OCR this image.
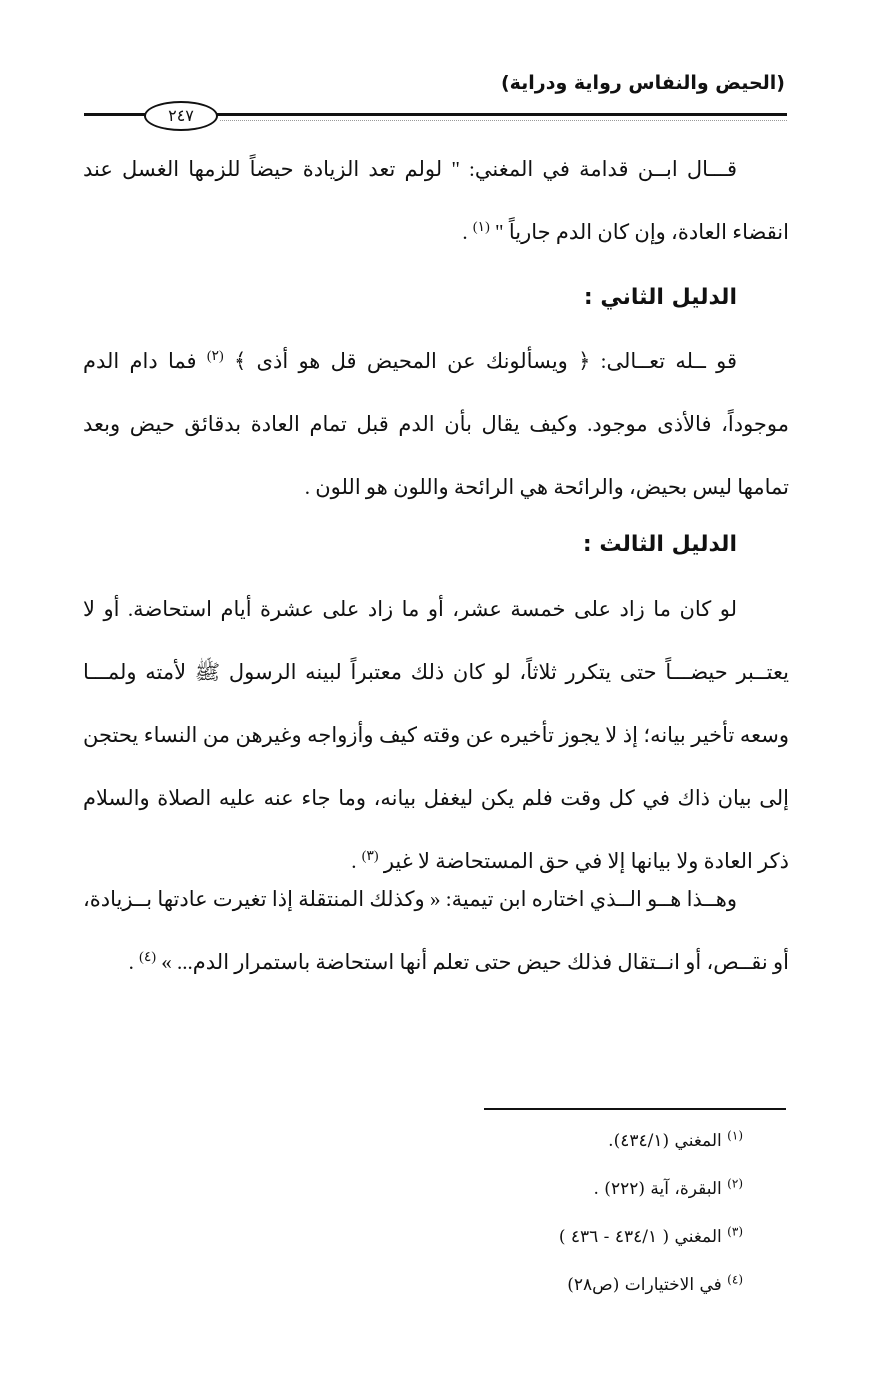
(الحيض والنفاس رواية ودراية)
٢٤٧
قـــال ابــن قدامة في المغني: " لولم تعد الزيادة حيضاً للزمها الغسل عند انقضاء العادة، وإن كان الدم جارياً " $^{(١)}$ .
الدليل الثاني :
قو ــله تعــالى: ﴿ ويسألونك عن المحيض قل هو أذى ﴾ $^{(٢)}$ فما دام الدم موجوداً، فالأذى موجود. وكيف يقال بأن الدم قبل تمام العادة بدقائق حيض وبعد تمامها ليس بحيض، والرائحة هي الرائحة واللون هو اللون .
الدليل الثالث :
لو كان ما زاد على خمسة عشر، أو ما زاد على عشرة أيام استحاضة. أو لا يعتــبر حيضـــاً حتى يتكرر ثلاثاً، لو كان ذلك معتبراً لبينه الرسول ﷺ لأمته ولمـــا وسعه تأخير بيانه؛ إذ لا يجوز تأخيره عن وقته كيف وأزواجه وغيرهن من النساء يحتجن إلى بيان ذاك في كل وقت فلم يكن ليغفل بيانه، وما جاء عنه عليه الصلاة والسلام ذكر العادة ولا بيانها إلا في حق المستحاضة لا غير $^{(٣)}$ .
وهــذا هــو الــذي اختاره ابن تيمية: « وكذلك المنتقلة إذا تغيرت عادتها بــزيادة، أو نقــص، أو انــتقال فذلك حيض حتى تعلم أنها استحاضة باستمرار الدم... » $^{(٤)}$ .
$^{(١)}$ المغني (٤٣٤/١).
$^{(٢)}$ البقرة، آية (٢٢٢) .
$^{(٣)}$ المغني ( ٤٣٤/١ - ٤٣٦ )
$^{(٤)}$ في الاختيارات (ص٢٨)
